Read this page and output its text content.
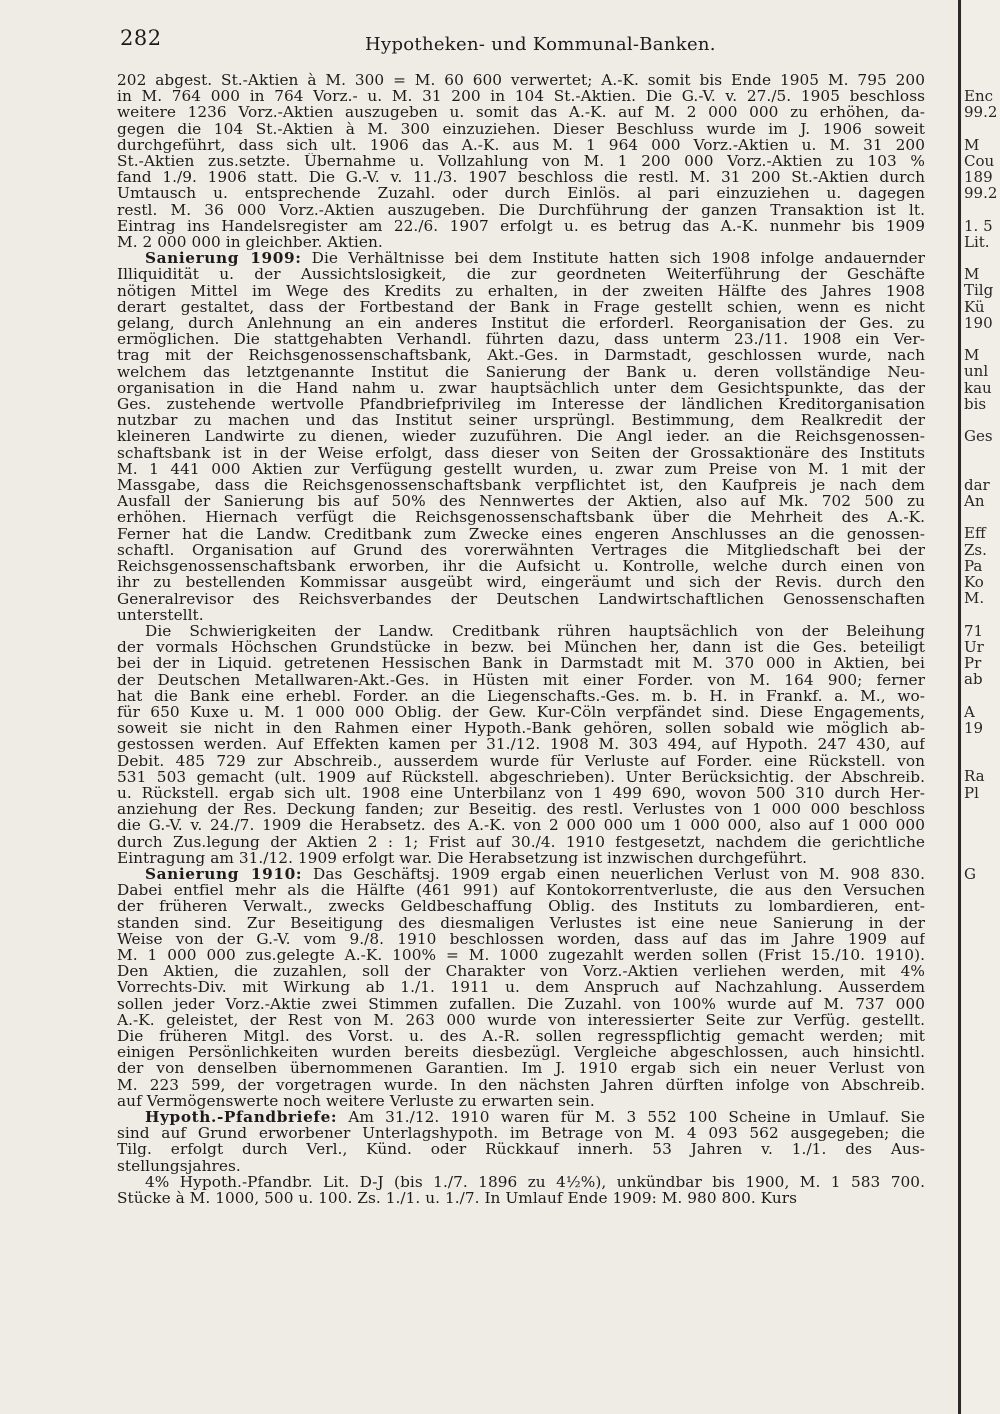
282	Hypotheken- und Kommunal-Banken.
202 abgest. St.-Aktien à M. 300 = M. 60 600 verwertet; A.-K. somit bis Ende 1905 M. 795 200
in M. 764 000 in 764 Vorz.- u. M. 31 200 in 104 St.-Aktien. Die G.-V. v. 27./5. 1905 beschloss
weitere 1236 Vorz.-Aktien auszugeben u. somit das A.-K. auf M. 2 000 000 zu erhöhen, da-
gegen die 104 St.-Aktien à M. 300 einzuziehen. Dieser Beschluss wurde im J. 1906 soweit
durchgeführt, dass sich ult. 1906 das A.-K. aus M. 1 964 000 Vorz.-Aktien u. M. 31 200
St.-Aktien zus.setzte. Übernahme u. Vollzahlung von M. 1 200 000 Vorz.-Aktien zu 103 %
fand 1./9. 1906 statt. Die G.-V. v. 11./3. 1907 beschloss die restl. M. 31 200 St.-Aktien durch
Umtausch u. entsprechende Zuzahl. oder durch Einlös. al pari einzuziehen u. dagegen
restl. M. 36 000 Vorz.-Aktien auszugeben. Die Durchführung der ganzen Transaktion ist lt.
Eintrag ins Handelsregister am 22./6. 1907 erfolgt u. es betrug das A.-K. nunmehr bis 1909
M. 2 000 000 in gleichber. Aktien.
Sanierung 1909: Die Verhältnisse bei dem Institute hatten sich 1908 infolge andauernder
Illiquidität u. der Aussichtslosigkeit, die zur geordneten Weiterführung der Geschäfte
nötigen Mittel im Wege des Kredits zu erhalten, in der zweiten Hälfte des Jahres 1908
derart gestaltet, dass der Fortbestand der Bank in Frage gestellt schien, wenn es nicht
gelang, durch Anlehnung an ein anderes Institut die erforderl. Reorganisation der Ges. zu
ermöglichen. Die stattgehabten Verhandl. führten dazu, dass unterm 23./11. 1908 ein Ver-
trag mit der Reichsgenossenschaftsbank, Akt.-Ges. in Darmstadt, geschlossen wurde, nach
welchem das letztgenannte Institut die Sanierung der Bank u. deren vollständige Neu-
organisation in die Hand nahm u. zwar hauptsächlich unter dem Gesichtspunkte, das der
Ges. zustehende wertvolle Pfandbriefprivileg im Interesse der ländlichen Kreditorganisation
nutzbar zu machen und das Institut seiner ursprüngl. Bestimmung, dem Realkredit der
kleineren Landwirte zu dienen, wieder zuzuführen. Die Angl ieder. an die Reichsgenossen-
schaftsbank ist in der Weise erfolgt, dass dieser von Seiten der Grossaktionäre des Instituts
M. 1 441 000 Aktien zur Verfügung gestellt wurden, u. zwar zum Preise von M. 1 mit der
Massgabe, dass die Reichsgenossenschaftsbank verpflichtet ist, den Kaufpreis je nach dem
Ausfall der Sanierung bis auf 50% des Nennwertes der Aktien, also auf Mk. 702 500 zu
erhöhen. Hiernach verfügt die Reichsgenossenschaftsbank über die Mehrheit des A.-K.
Ferner hat die Landw. Creditbank zum Zwecke eines engeren Anschlusses an die genossen-
schaftl. Organisation auf Grund des vorerwähnten Vertrages die Mitgliedschaft bei der
Reichsgenossenschaftsbank erworben, ihr die Aufsicht u. Kontrolle, welche durch einen von
ihr zu bestellenden Kommissar ausgeübt wird, eingeräumt und sich der Revis. durch den
Generalrevisor des Reichsverbandes der Deutschen Landwirtschaftlichen Genossenschaften
unterstellt.
Die Schwierigkeiten der Landw. Creditbank rühren hauptsächlich von der Beleihung
der vormals Höchschen Grundstücke in bezw. bei München her, dann ist die Ges. beteiligt
bei der in Liquid. getretenen Hessischen Bank in Darmstadt mit M. 370 000 in Aktien, bei
der Deutschen Metallwaren-Akt.-Ges. in Hüsten mit einer Forder. von M. 164 900; ferner
hat die Bank eine erhebl. Forder. an die Liegenschafts.-Ges. m. b. H. in Frankf. a. M., wo-
für 650 Kuxe u. M. 1 000 000 Oblig. der Gew. Kur-Cöln verpfändet sind. Diese Engagements,
soweit sie nicht in den Rahmen einer Hypoth.-Bank gehören, sollen sobald wie möglich ab-
gestossen werden. Auf Effekten kamen per 31./12. 1908 M. 303 494, auf Hypoth. 247 430, auf
Debit. 485 729 zur Abschreib., ausserdem wurde für Verluste auf Forder. eine Rückstell. von
531 503 gemacht (ult. 1909 auf Rückstell. abgeschrieben). Unter Berücksichtig. der Abschreib.
u. Rückstell. ergab sich ult. 1908 eine Unterbilanz von 1 499 690, wovon 500 310 durch Her-
anziehung der Res. Deckung fanden; zur Beseitig. des restl. Verlustes von 1 000 000 beschloss
die G.-V. v. 24./7. 1909 die Herabsetz. des A.-K. von 2 000 000 um 1 000 000, also auf 1 000 000
durch Zus.legung der Aktien 2 : 1; Frist auf 30./4. 1910 festgesetzt, nachdem die gerichtliche
Eintragung am 31./12. 1909 erfolgt war. Die Herabsetzung ist inzwischen durchgeführt.
Sanierung 1910: Das Geschäftsj. 1909 ergab einen neuerlichen Verlust von M. 908 830.
Dabei entfiel mehr als die Hälfte (461 991) auf Kontokorrentverluste, die aus den Versuchen
der früheren Verwalt., zwecks Geldbeschaffung Oblig. des Instituts zu lombardieren, ent-
standen sind. Zur Beseitigung des diesmaligen Verlustes ist eine neue Sanierung in der
Weise von der G.-V. vom 9./8. 1910 beschlossen worden, dass auf das im Jahre 1909 auf
M. 1 000 000 zus.gelegte A.-K. 100% = M. 1000 zugezahlt werden sollen (Frist 15./10. 1910).
Den Aktien, die zuzahlen, soll der Charakter von Vorz.-Aktien verliehen werden, mit 4%
Vorrechts-Div. mit Wirkung ab 1./1. 1911 u. dem Anspruch auf Nachzahlung. Ausserdem
sollen jeder Vorz.-Aktie zwei Stimmen zufallen. Die Zuzahl. von 100% wurde auf M. 737 000
A.-K. geleistet, der Rest von M. 263 000 wurde von interessierter Seite zur Verfüg. gestellt.
Die früheren Mitgl. des Vorst. u. des A.-R. sollen regresspflichtig gemacht werden; mit
einigen Persönlichkeiten wurden bereits diesbezügl. Vergleiche abgeschlossen, auch hinsichtl.
der von denselben übernommenen Garantien. Im J. 1910 ergab sich ein neuer Verlust von
M. 223 599, der vorgetragen wurde. In den nächsten Jahren dürften infolge von Abschreib.
auf Vermögenswerte noch weitere Verluste zu erwarten sein.
Hypoth.-Pfandbriefe: Am 31./12. 1910 waren für M. 3 552 100 Scheine in Umlauf. Sie
sind auf Grund erworbener Unterlagshypoth. im Betrage von M. 4 093 562 ausgegeben; die
Tilg. erfolgt durch Verl., Künd. oder Rückkauf innerh. 53 Jahren v. 1./1. des Aus-
stellungsjahres.
4% Hypoth.-Pfandbr. Lit. D-J (bis 1./7. 1896 zu 4½%), unkündbar bis 1900, M. 1 583 700.
Stücke à M. 1000, 500 u. 100. Zs. 1./1. u. 1./7. In Umlauf Ende 1909: M. 980 800. Kurs
Enc
99.2
M
Cou
189
99.2
1. 5
Lit.
M
Tilg
Kü
190
M
unl
kau
bis
Ges
dar
An
Eff
Zs.
Pa
Ko
M.
71
Ur
Pr
ab
A
19
Ra
Pl
G
